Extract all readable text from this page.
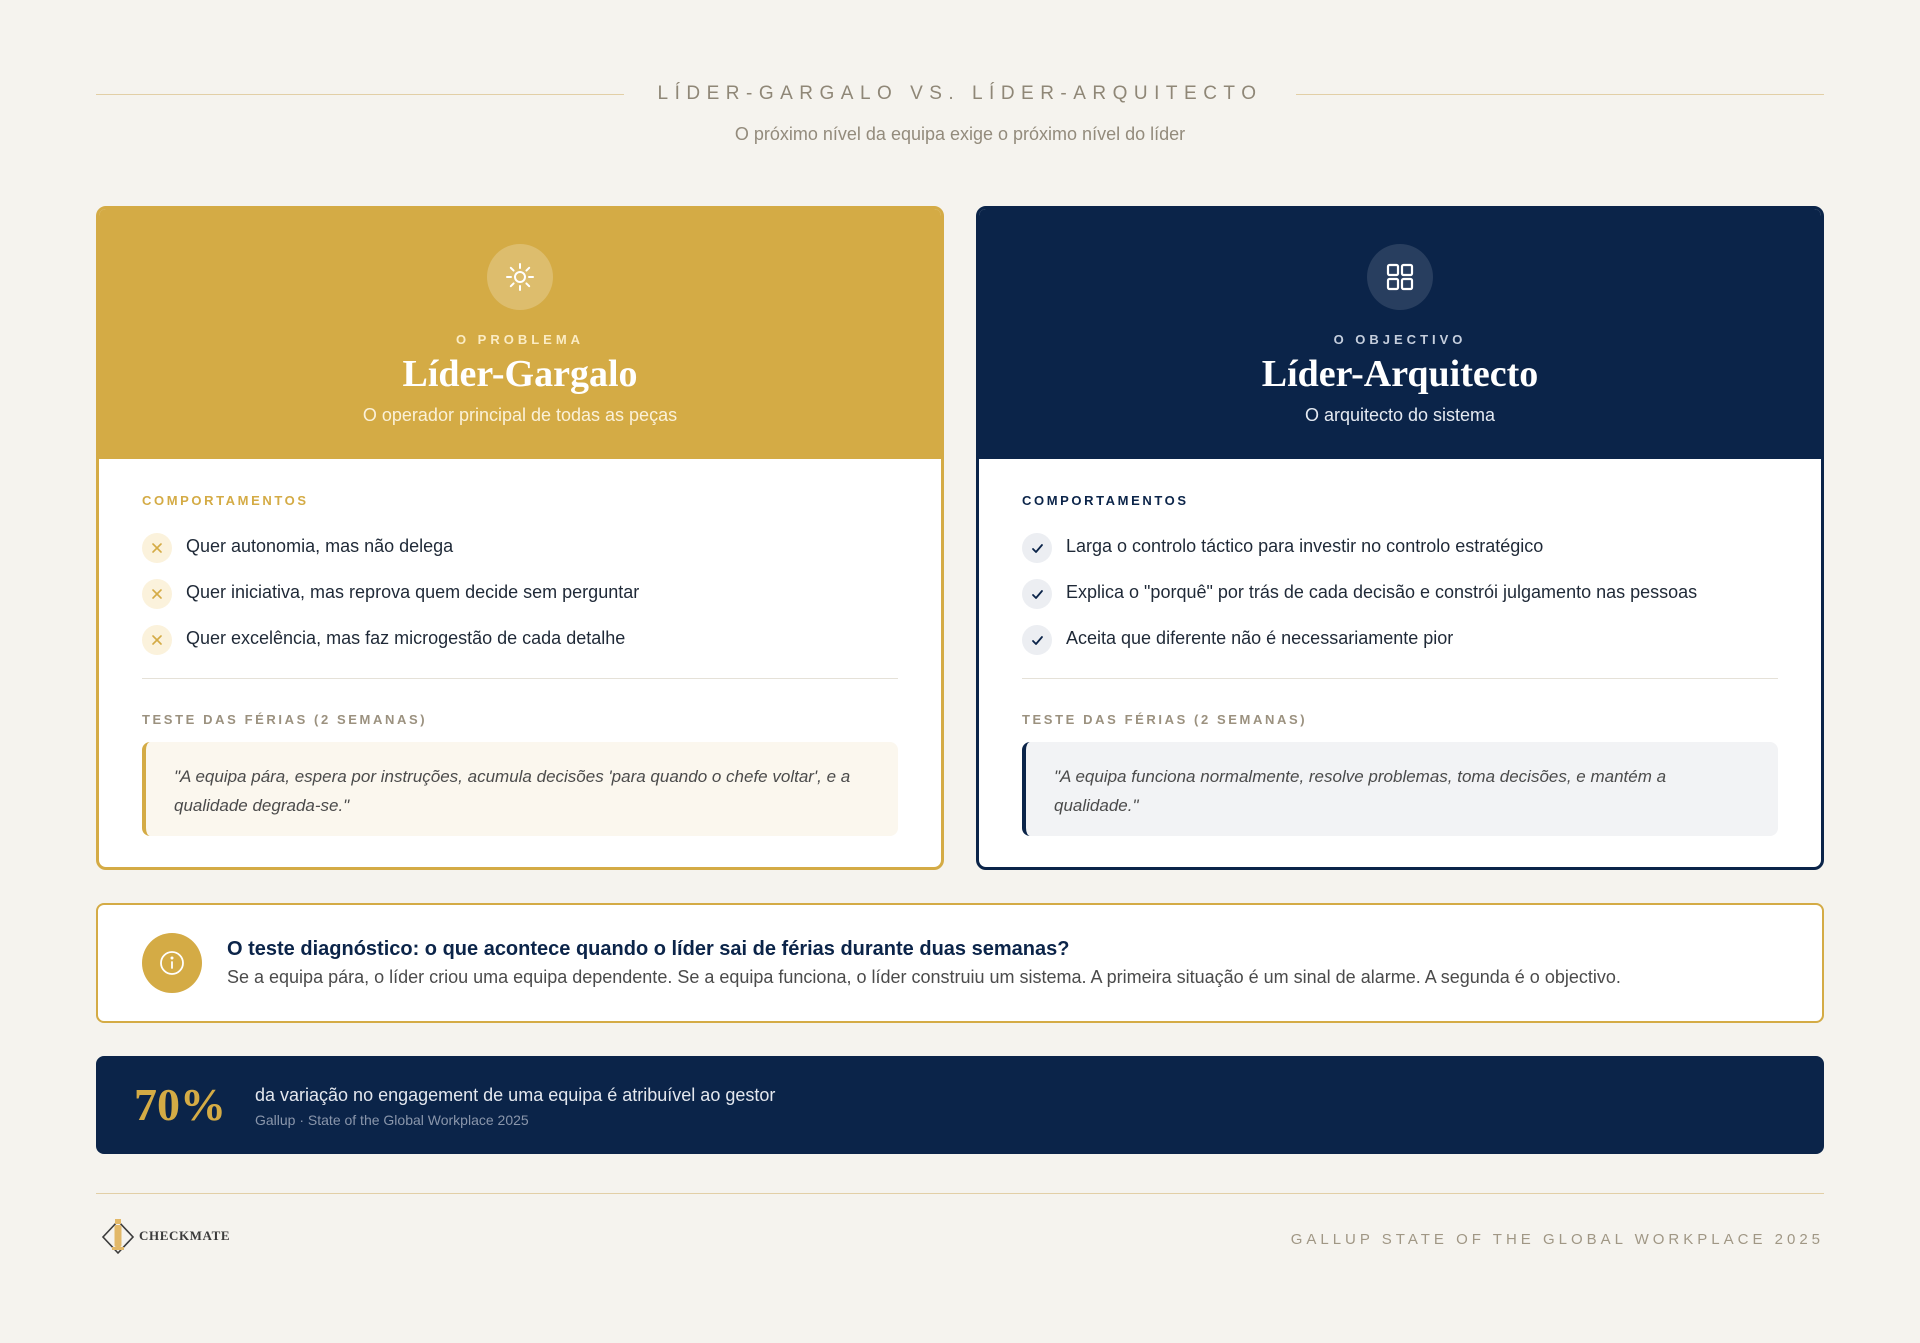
LÍDER-GARGALO VS. LÍDER-ARQUITECTO
O próximo nível da equipa exige o próximo nível do líder
O PROBLEMA
Líder-Gargalo
O operador principal de todas as peças
COMPORTAMENTOS
Quer autonomia, mas não delega
Quer iniciativa, mas reprova quem decide sem perguntar
Quer excelência, mas faz microgestão de cada detalhe
TESTE DAS FÉRIAS (2 SEMANAS)
"A equipa pára, espera por instruções, acumula decisões 'para quando o chefe voltar', e a qualidade degrada-se."
O OBJECTIVO
Líder-Arquitecto
O arquitecto do sistema
COMPORTAMENTOS
Larga o controlo táctico para investir no controlo estratégico
Explica o "porquê" por trás de cada decisão e constrói julgamento nas pessoas
Aceita que diferente não é necessariamente pior
TESTE DAS FÉRIAS (2 SEMANAS)
"A equipa funciona normalmente, resolve problemas, toma decisões, e mantém a qualidade."
O teste diagnóstico: o que acontece quando o líder sai de férias durante duas semanas?
Se a equipa pára, o líder criou uma equipa dependente. Se a equipa funciona, o líder construiu um sistema. A primeira situação é um sinal de alarme. A segunda é o objectivo.
70% da variação no engagement de uma equipa é atribuível ao gestor
Gallup · State of the Global Workplace 2025
CHECKMATE	GALLUP STATE OF THE GLOBAL WORKPLACE 2025
